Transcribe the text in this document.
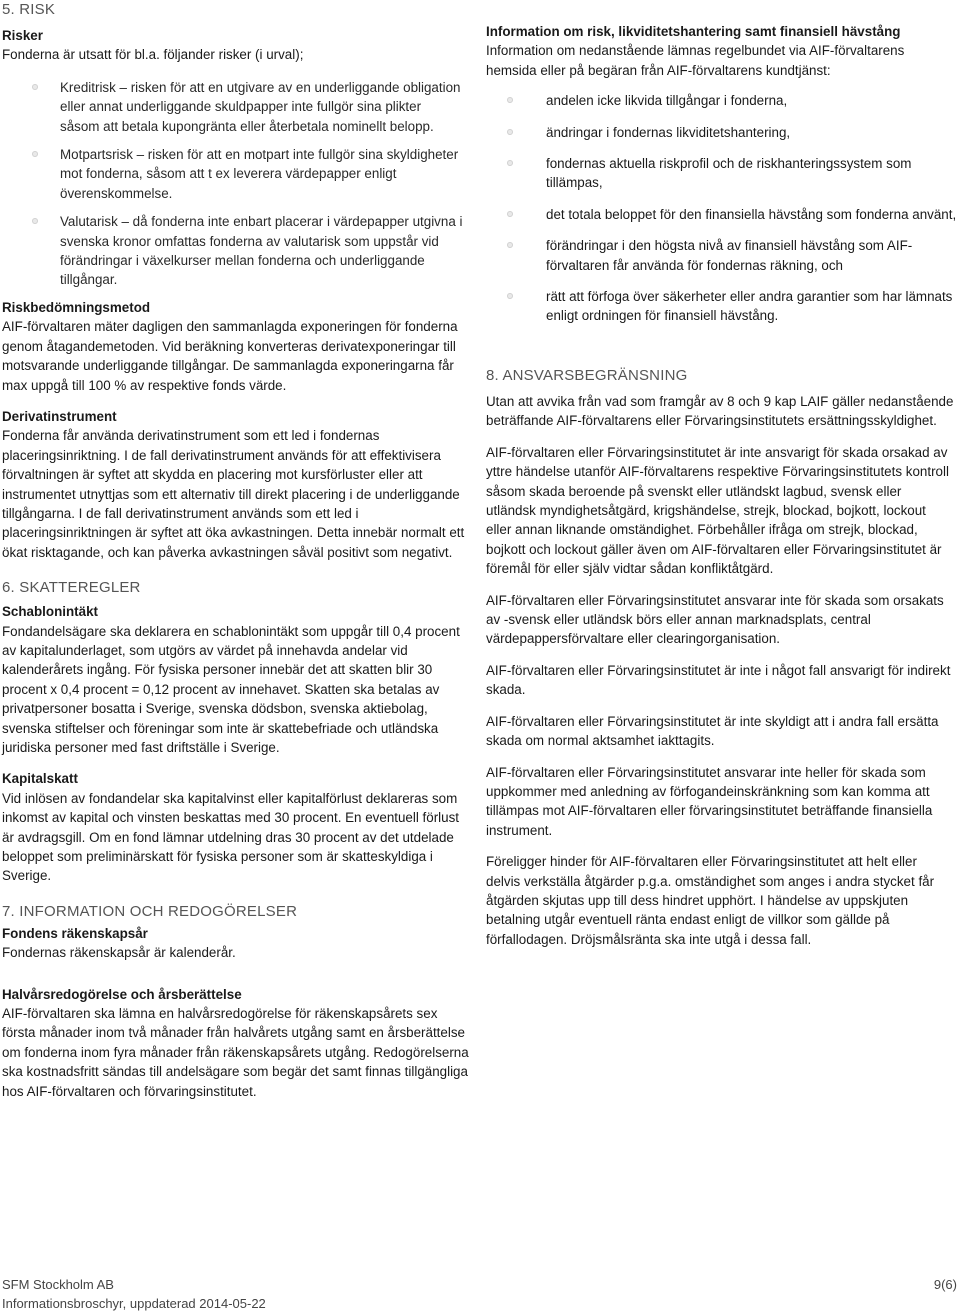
5. RISK

Risker

Fonderna är utsatt för bl.a. följander risker (i urval);

Kreditrisk – risken för att en utgivare av en underliggande obligation eller annat underliggande skuldpapper inte fullgör sina plikter såsom att betala kupongränta eller återbetala nominellt belopp.
Motpartsrisk – risken för att en motpart inte fullgör sina skyldigheter mot fonderna, såsom att t ex leverera värdepapper enligt överenskommelse.
Valutarisk – då fonderna inte enbart placerar i värdepapper utgivna i svenska kronor omfattas fonderna av valutarisk som uppstår vid förändringar i växelkurser mellan fonderna och underliggande tillgångar.

Riskbedömningsmetod

AIF-förvaltaren mäter dagligen den sammanlagda exponeringen för fonderna genom åtagandemetoden. Vid beräkning konverteras derivatexponeringar till motsvarande underliggande tillgångar. De sammanlagda exponeringarna får max uppgå till 100 % av respektive fonds värde.

Derivatinstrument

Fonderna får använda derivatinstrument som ett led i fondernas placeringsinriktning. I de fall derivatinstrument används för att effektivisera förvaltningen är syftet att skydda en placering mot kursförluster eller att instrumentet utnyttjas som ett alternativ till direkt placering i de underliggande tillgångarna. I de fall derivatinstrument används som ett led i placeringsinriktningen är syftet att öka avkastningen. Detta innebär normalt ett ökat risktagande, och kan påverka avkastningen såväl positivt som negativt.

6. SKATTEREGLER

Schablonintäkt

Fondandelsägare ska deklarera en schablonintäkt som uppgår till 0,4 procent av kapitalunderlaget, som utgörs av värdet på innehavda andelar vid kalenderårets ingång. För fysiska personer innebär det att skatten blir 30 procent x 0,4 procent = 0,12 procent av innehavet. Skatten ska betalas av privatpersoner bosatta i Sverige, svenska dödsbon, svenska aktiebolag, svenska stiftelser och föreningar som inte är skattebefriade och utländska juridiska personer med fast driftställe i Sverige.

Kapitalskatt

Vid inlösen av fondandelar ska kapitalvinst eller kapitalförlust deklareras som inkomst av kapital och vinsten beskattas med 30 procent. En eventuell förlust är avdragsgill. Om en fond lämnar utdelning dras 30 procent av det utdelade beloppet som preliminärskatt för fysiska personer som är skatteskyldiga i Sverige.

7. INFORMATION OCH REDOGÖRELSER

Fondens räkenskapsår

Fondernas räkenskapsår är kalenderår.

Halvårsredogörelse och årsberättelse

AIF-förvaltaren ska lämna en halvårsredogörelse för räkenskapsårets sex första månader inom två månader från halvårets utgång samt en årsberättelse om fonderna inom fyra månader från räkenskapsårets utgång. Redogörelserna ska kostnadsfritt sändas till andelsägare som begär det samt finnas tillgängliga hos AIF-förvaltaren och förvaringsinstitutet.

Information om risk, likviditetshantering samt finansiell hävstång

Information om nedanstående lämnas regelbundet via AIF-förvaltarens hemsida eller på begäran från AIF-förvaltarens kundtjänst:

andelen icke likvida tillgångar i fonderna,
ändringar i fondernas likviditetshantering,
fondernas aktuella riskprofil och de riskhanteringssystem som tillämpas,
det totala beloppet för den finansiella hävstång som fonderna använt,
förändringar i den högsta nivå av finansiell hävstång som AIF-förvaltaren får använda för fondernas räkning, och
rätt att förfoga över säkerheter eller andra garantier som har lämnats enligt ordningen för finansiell hävstång.
8. ANSVARSBEGRÄNSNING

Utan att avvika från vad som framgår av 8 och 9 kap LAIF gäller nedanstående beträffande AIF-förvaltarens eller Förvaringsinstitutets ersättningsskyldighet.

AIF-förvaltaren eller Förvaringsinstitutet är inte ansvarigt för skada orsakad av yttre händelse utanför AIF-förvaltarens respektive Förvaringsinstitutets kontroll såsom skada beroende på svenskt eller utländskt lagbud, svensk eller utländsk myndighetsåtgärd, krigshändelse, strejk, blockad, bojkott, lockout eller annan liknande omständighet. Förbehåller ifråga om strejk, blockad, bojkott och lockout gäller även om AIF-förvaltaren eller Förvaringsinstitutet är föremål för eller själv vidtar sådan konfliktåtgärd.

AIF-förvaltaren eller Förvaringsinstitutet ansvarar inte för skada som orsakats av -svensk eller utländsk börs eller annan marknadsplats, central värdepappersförvaltare eller clearingorganisation.

AIF-förvaltaren eller Förvaringsinstitutet är inte i något fall ansvarigt för indirekt skada.

AIF-förvaltaren eller Förvaringsinstitutet är inte skyldigt att i andra fall ersätta skada om normal aktsamhet iakttagits.

AIF-förvaltaren eller Förvaringsinstitutet ansvarar inte heller för skada som uppkommer med anledning av förfogandeinskränkning som kan komma att tillämpas mot AIF-förvaltaren eller förvaringsinstitutet beträffande finansiella instrument.

Föreligger hinder för AIF-förvaltaren eller Förvaringsinstitutet att helt eller delvis verkställa åtgärder p.g.a. omständighet som anges i andra stycket får åtgärden skjutas upp till dess hindret upphört. I händelse av uppskjuten betalning utgår eventuell ränta endast enligt de villkor som gällde på förfallodagen. Dröjsmålsränta ska inte utgå i dessa fall.

SFM Stockholm AB
Informationsbroschyr, uppdaterad 2014-05-22
9(6)
